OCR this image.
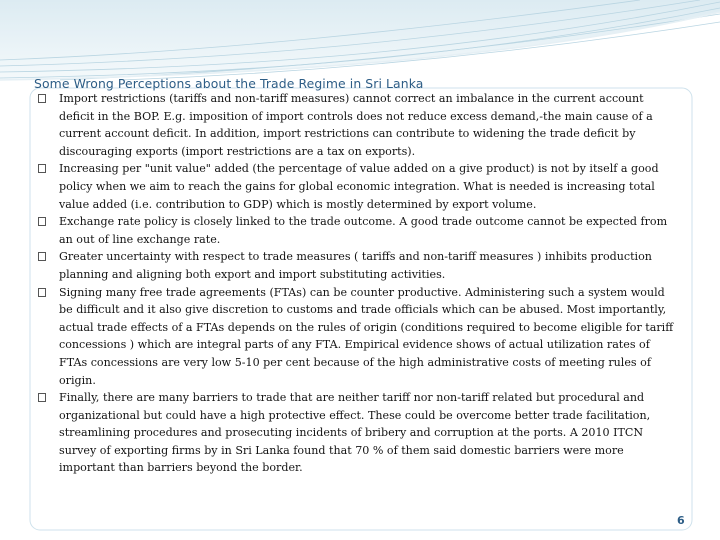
Some Wrong Perceptions about the Trade Regime in Sri Lanka
Import restrictions (tariffs and non-tariff measures) cannot correct an imbalance in the current account deficit in the BOP. E.g. imposition of import controls does not reduce excess demand,-the main cause of a current account deficit. In addition, import restrictions can contribute to widening the trade deficit by discouraging exports (import restrictions are a tax on exports).
Increasing per "unit value" added (the percentage of value added on a give product) is not by itself a good policy when we aim to reach the gains for global economic integration. What is needed is increasing total value added (i.e. contribution to GDP) which is mostly determined by export volume.
Exchange rate policy is closely linked to the trade outcome. A good trade outcome cannot be expected from an out of line exchange rate.
Greater uncertainty with respect to trade measures ( tariffs and non-tariff measures ) inhibits production planning and aligning both export and import substituting activities.
Signing many free trade agreements (FTAs) can be counter productive. Administering such a system would be difficult and it also give discretion to customs and trade officials which can be abused. Most importantly, actual trade effects of a FTAs depends on the rules of origin (conditions required to become eligible for tariff concessions ) which are integral parts of any FTA. Empirical evidence shows of actual utilization rates of FTAs concessions are very low 5-10 per cent because of the high administrative costs of meeting rules of origin.
Finally, there are many barriers to trade that are neither tariff nor non-tariff related but procedural and organizational but could have a high protective effect. These could be overcome better trade facilitation, streamlining procedures and prosecuting incidents of bribery and corruption at the ports. A 2010 ITCN survey of exporting firms by in Sri Lanka found that 70 % of them said domestic barriers were more important than barriers beyond the border.
6
